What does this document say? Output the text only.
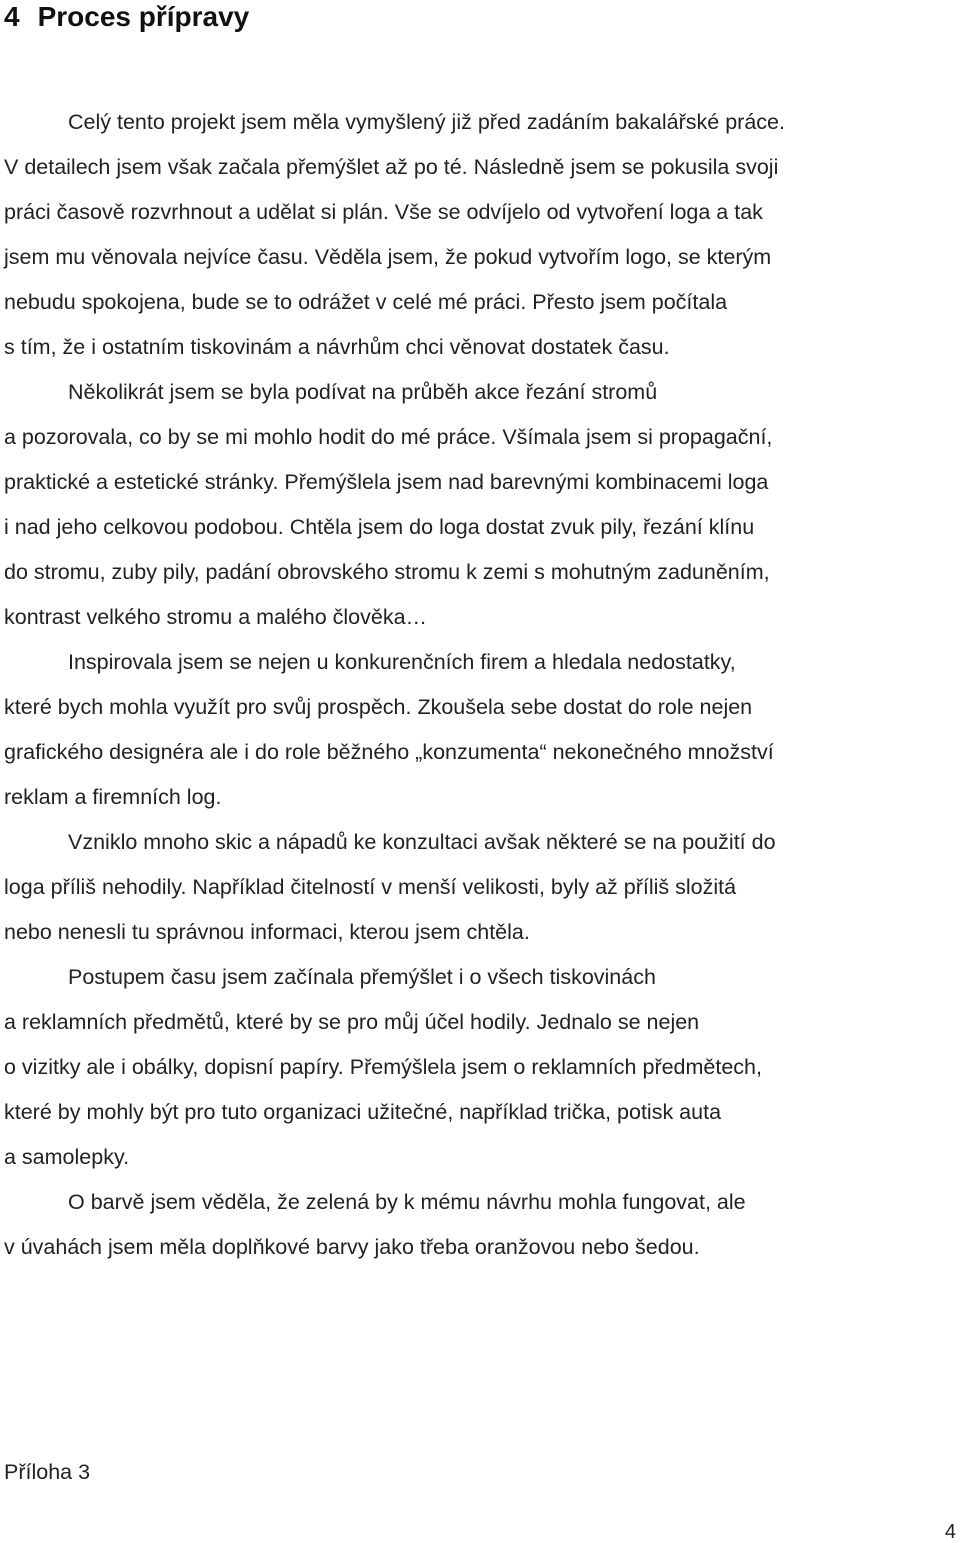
4 Proces přípravy

Celý tento projekt jsem měla vymyšlený již před zadáním bakalářské práce.
V detailech jsem však začala přemýšlet až po té. Následně jsem se pokusila svoji
práci časově rozvrhnout a udělat si plán. Vše se odvíjelo od vytvoření loga a tak
jsem mu věnovala nejvíce času. Věděla jsem, že pokud vytvořím logo, se kterým
nebudu spokojena, bude se to odrážet v celé mé práci. Přesto jsem počítala
s tím, že i ostatním tiskovinám a návrhům chci věnovat dostatek času.

Několikrát jsem se byla podívat na průběh akce řezání stromů
a pozorovala, co by se mi mohlo hodit do mé práce. Všímala jsem si propagační,
praktické a estetické stránky. Přemýšlela jsem nad barevnými kombinacemi loga
i nad jeho celkovou podobou. Chtěla jsem do loga dostat zvuk pily, řezání klínu
do stromu, zuby pily, padání obrovského stromu k zemi s mohutným zaduněním,
kontrast velkého stromu a malého člověka…

Inspirovala jsem se nejen u konkurenčních firem a hledala nedostatky,
které bych mohla využít pro svůj prospěch. Zkoušela sebe dostat do role nejen
grafického designéra ale i do role běžného „konzumenta“ nekonečného množství
reklam a firemních log.

Vzniklo mnoho skic a nápadů ke konzultaci avšak některé se na použití do
loga příliš nehodily. Například čitelností v menší velikosti, byly až příliš složitá
nebo nenesli tu správnou informaci, kterou jsem chtěla.

Postupem času jsem začínala přemýšlet i o všech tiskovinách
a reklamních předmětů, které by se pro můj účel hodily. Jednalo se nejen
o vizitky ale i obálky, dopisní papíry. Přemýšlela jsem o reklamních předmětech,
které by mohly být pro tuto organizaci užitečné, například trička, potisk auta
a samolepky.

O barvě jsem věděla, že zelená by k mému návrhu mohla fungovat, ale
v úvahách jsem měla doplňkové barvy jako třeba oranžovou nebo šedou.

Příloha 3
4
